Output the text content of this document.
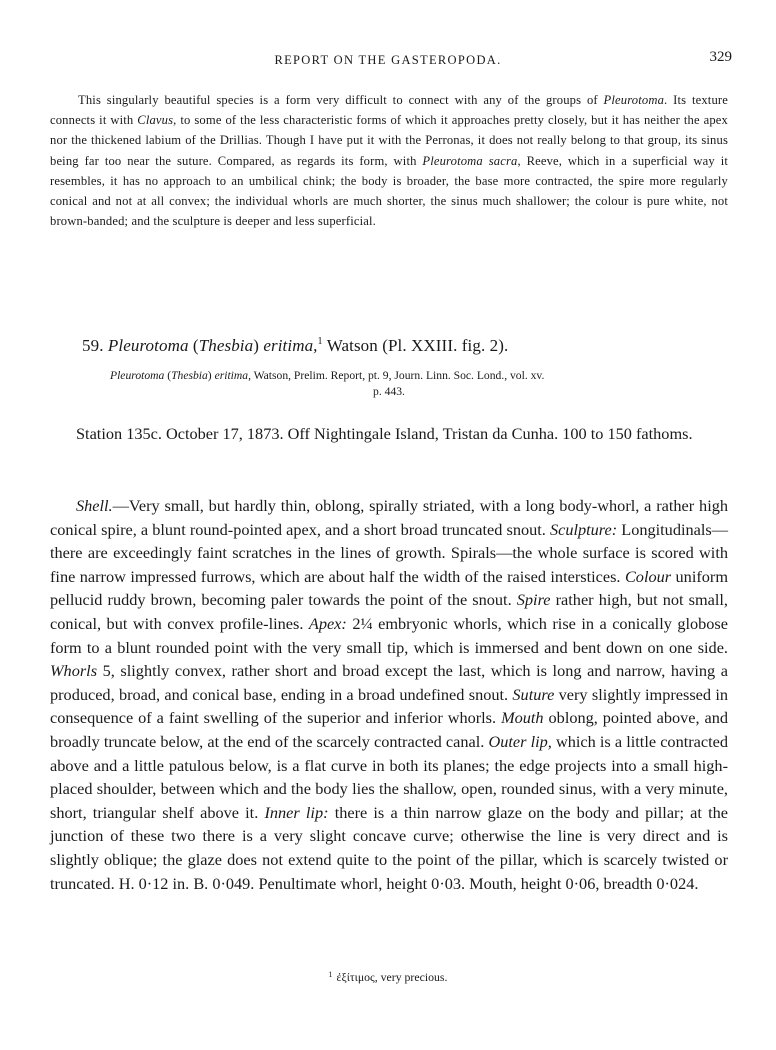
REPORT ON THE GASTEROPODA.	329

This singularly beautiful species is a form very difficult to connect with any of the groups of Pleurotoma. Its texture connects it with Clavus, to some of the less characteristic forms of which it approaches pretty closely, but it has neither the apex nor the thickened labium of the Drillias. Though I have put it with the Perronas, it does not really belong to that group, its sinus being far too near the suture. Compared, as regards its form, with Pleurotoma sacra, Reeve, which in a superficial way it resembles, it has no approach to an umbilical chink; the body is broader, the base more contracted, the spire more regularly conical and not at all convex; the individual whorls are much shorter, the sinus much shallower; the colour is pure white, not brown-banded; and the sculpture is deeper and less superficial.

59. Pleurotoma (Thesbia) eritima,$^1$ Watson (Pl. XXIII. fig. 2).
Pleurotoma (Thesbia) eritima, Watson, Prelim. Report, pt. 9, Journ. Linn. Soc. Lond., vol. xv.
p. 443.

Station 135c. October 17, 1873. Off Nightingale Island, Tristan da Cunha. 100 to 150 fathoms.

Shell.—Very small, but hardly thin, oblong, spirally striated, with a long body-whorl, a rather high conical spire, a blunt round-pointed apex, and a short broad truncated snout. Sculpture: Longitudinals—there are exceedingly faint scratches in the lines of growth. Spirals—the whole surface is scored with fine narrow impressed furrows, which are about half the width of the raised interstices. Colour uniform pellucid ruddy brown, becoming paler towards the point of the snout. Spire rather high, but not small, conical, but with convex profile-lines. Apex: 2¼ embryonic whorls, which rise in a conically globose form to a blunt rounded point with the very small tip, which is immersed and bent down on one side. Whorls 5, slightly convex, rather short and broad except the last, which is long and narrow, having a produced, broad, and conical base, ending in a broad undefined snout. Suture very slightly impressed in consequence of a faint swelling of the superior and inferior whorls. Mouth oblong, pointed above, and broadly truncate below, at the end of the scarcely contracted canal. Outer lip, which is a little contracted above and a little patulous below, is a flat curve in both its planes; the edge projects into a small high-placed shoulder, between which and the body lies the shallow, open, rounded sinus, with a very minute, short, triangular shelf above it. Inner lip: there is a thin narrow glaze on the body and pillar; at the junction of these two there is a very slight concave curve; otherwise the line is very direct and is slightly oblique; the glaze does not extend quite to the point of the pillar, which is scarcely twisted or truncated. H. 0·12 in. B. 0·049. Penultimate whorl, height 0·03. Mouth, height 0·06, breadth 0·024.

$^1$ ἐξίτιμος, very precious.
